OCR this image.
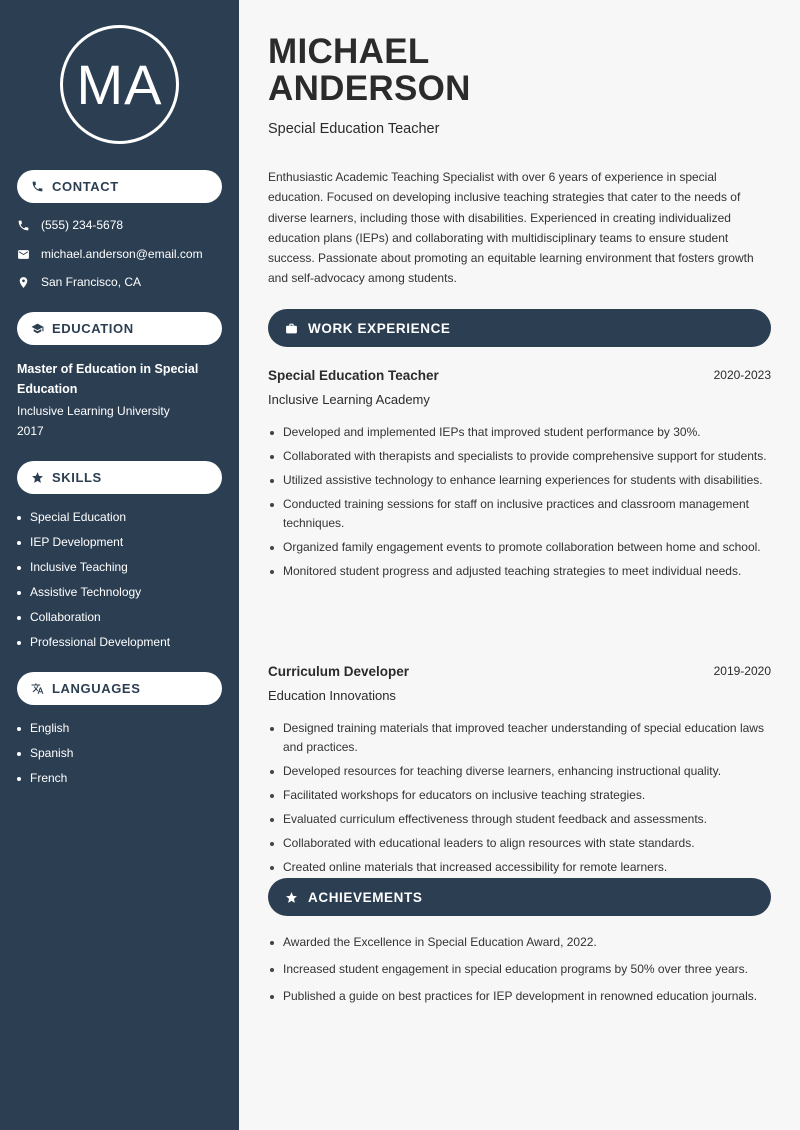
MA
CONTACT
(555) 234-5678
michael.anderson@email.com
San Francisco, CA
EDUCATION
Master of Education in Special Education
Inclusive Learning University
2017
SKILLS
Special Education
IEP Development
Inclusive Teaching
Assistive Technology
Collaboration
Professional Development
LANGUAGES
English
Spanish
French
MICHAEL
ANDERSON
Special Education Teacher

Enthusiastic Academic Teaching Specialist with over 6 years of experience in special education. Focused on developing inclusive teaching strategies that cater to the needs of diverse learners, including those with disabilities. Experienced in creating individualized education plans (IEPs) and collaborating with multidisciplinary teams to ensure student success. Passionate about promoting an equitable learning environment that fosters growth and self-advocacy among students.

WORK EXPERIENCE
Special Education Teacher	2020-2023
Inclusive Learning Academy
Developed and implemented IEPs that improved student performance by 30%.
Collaborated with therapists and specialists to provide comprehensive support for students.
Utilized assistive technology to enhance learning experiences for students with disabilities.
Conducted training sessions for staff on inclusive practices and classroom management techniques.
Organized family engagement events to promote collaboration between home and school.
Monitored student progress and adjusted teaching strategies to meet individual needs.
Curriculum Developer	2019-2020
Education Innovations
Designed training materials that improved teacher understanding of special education laws and practices.
Developed resources for teaching diverse learners, enhancing instructional quality.
Facilitated workshops for educators on inclusive teaching strategies.
Evaluated curriculum effectiveness through student feedback and assessments.
Collaborated with educational leaders to align resources with state standards.
Created online materials that increased accessibility for remote learners.
ACHIEVEMENTS
Awarded the Excellence in Special Education Award, 2022.
Increased student engagement in special education programs by 50% over three years.
Published a guide on best practices for IEP development in renowned education journals.
